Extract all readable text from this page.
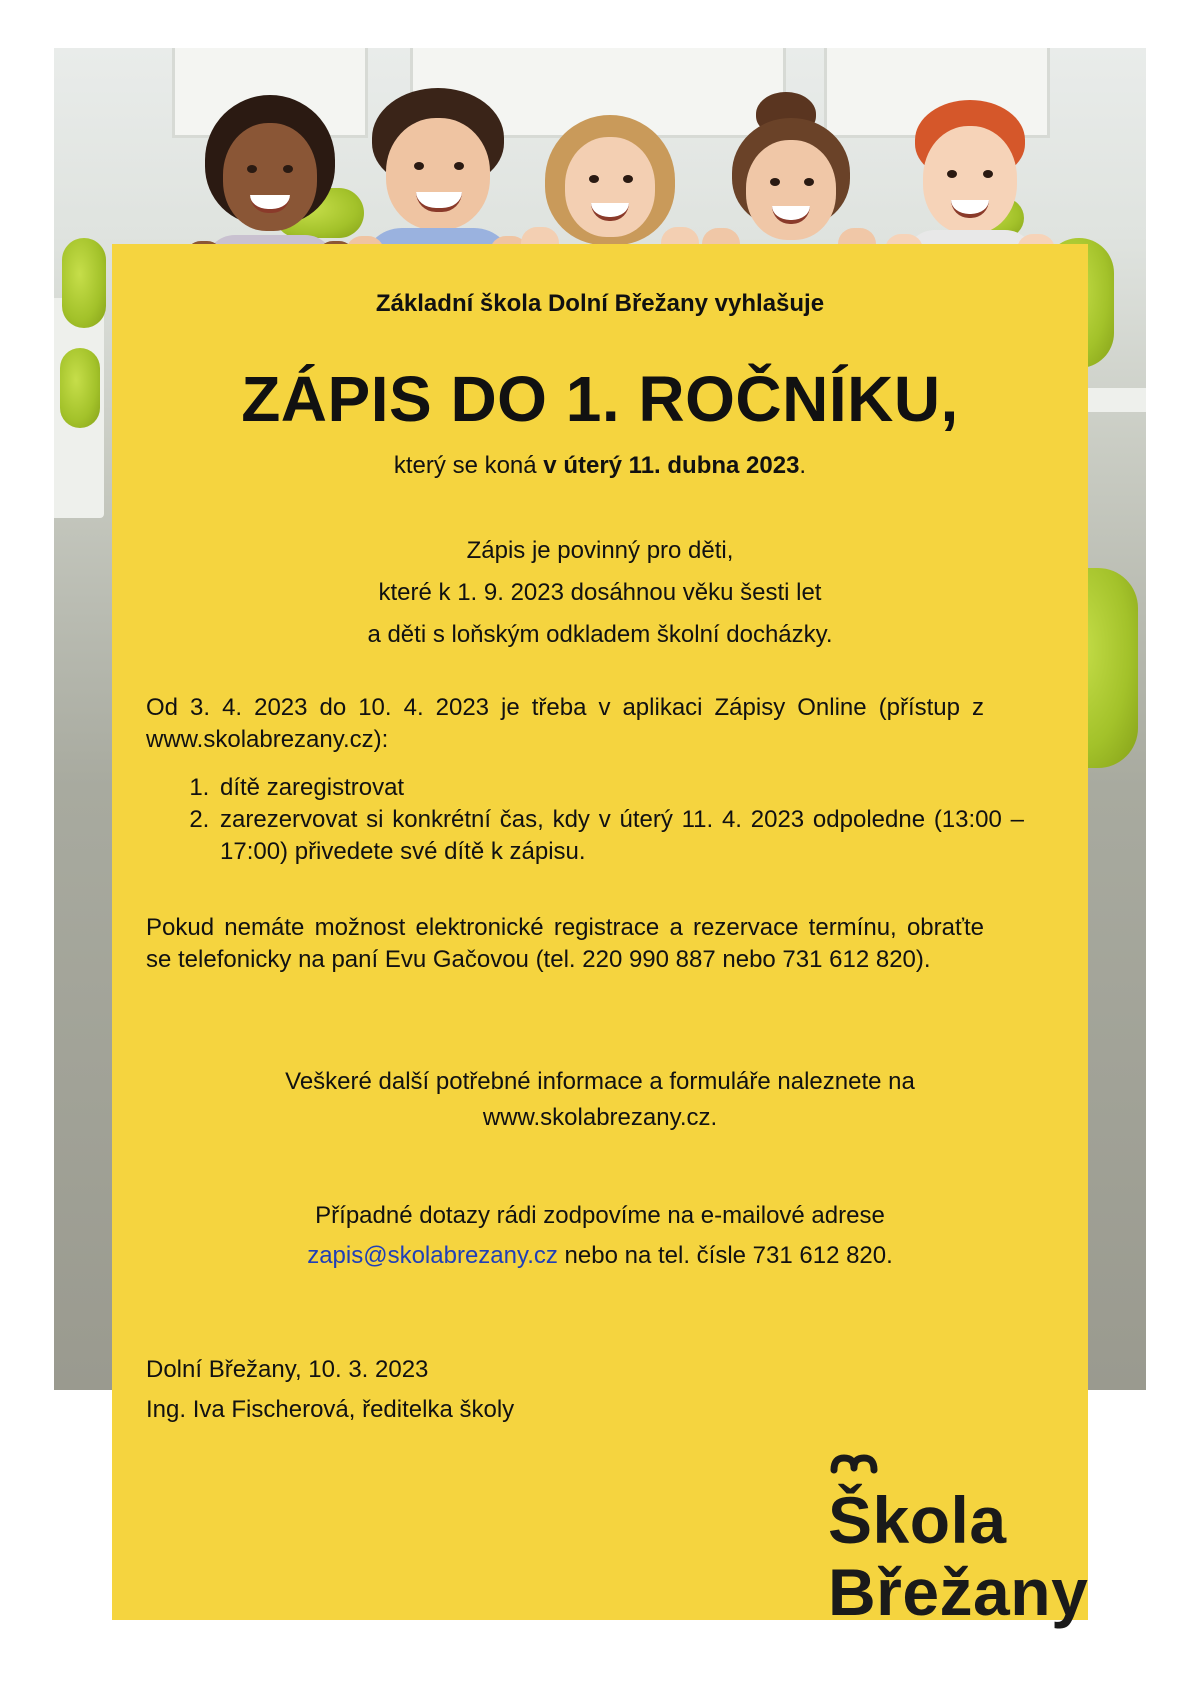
Základní škola Dolní Břežany vyhlašuje
ZÁPIS DO 1. ROČNÍKU,
který se koná v úterý 11. dubna 2023.
Zápis je povinný pro děti,
které k 1. 9. 2023 dosáhnou věku šesti let
a děti s loňským odkladem školní docházky.
Od 3. 4. 2023 do 10. 4. 2023 je třeba v aplikaci Zápisy Online (přístup z www.skolabrezany.cz):
1. dítě zaregistrovat
2. zarezervovat si konkrétní čas, kdy v úterý 11. 4. 2023 odpoledne (13:00 – 17:00) přivedete své dítě k zápisu.
Pokud nemáte možnost elektronické registrace a rezervace termínu, obraťte se telefonicky na paní Evu Gačovou (tel. 220 990 887 nebo 731 612 820).
Veškeré další potřebné informace a formuláře naleznete na
www.skolabrezany.cz.
Případné dotazy rádi zodpovíme na e-mailové adrese
zapis@skolabrezany.cz nebo na tel. čísle 731 612 820.
Dolní Břežany, 10. 3. 2023
Ing. Iva Fischerová, ředitelka školy
Škola
Břežany
